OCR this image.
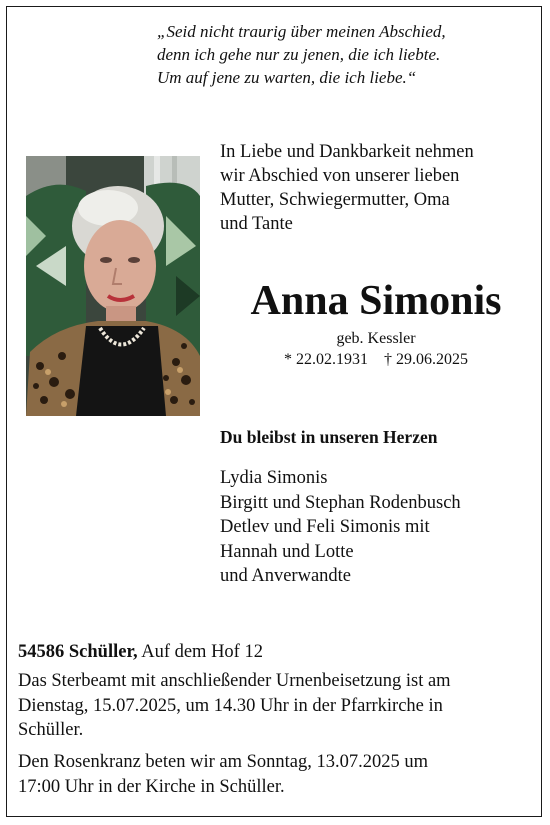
„Seid nicht traurig über meinen Abschied,
denn ich gehe nur zu jenen, die ich liebte.
Um auf jene zu warten, die ich liebe.“
In Liebe und Dankbarkeit nehmen
wir Abschied von unserer lieben
Mutter, Schwiegermutter, Oma
und Tante
Anna Simonis
geb. Kessler
* 22.02.1931 † 29.06.2025
Du bleibst in unseren Herzen
Lydia Simonis
Birgitt und Stephan Rodenbusch
Detlev und Feli Simonis mit
Hannah und Lotte
und Anverwandte
54586 Schüller, Auf dem Hof 12
Das Sterbeamt mit anschließender Urnenbeisetzung ist am
Dienstag, 15.07.2025, um 14.30 Uhr in der Pfarrkirche in
Schüller.
Den Rosenkranz beten wir am Sonntag, 13.07.2025 um
17:00 Uhr in der Kirche in Schüller.
